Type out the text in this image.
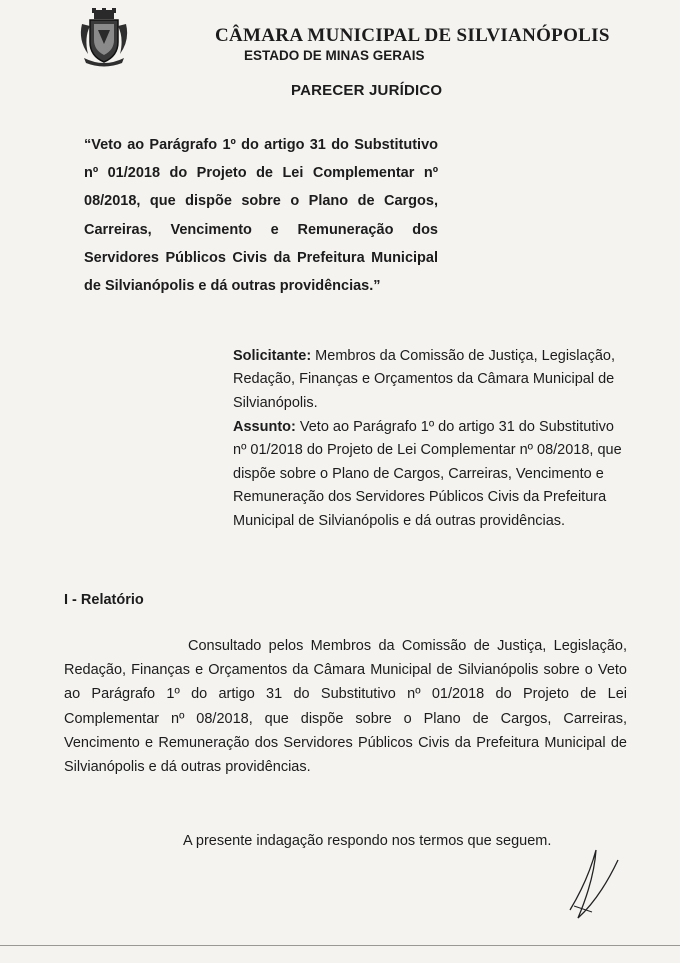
CÂMARA MUNICIPAL DE SILVIANÓPOLIS
ESTADO DE MINAS GERAIS
PARECER JURÍDICO
“Veto ao Parágrafo 1º do artigo 31 do Substitutivo
nº 01/2018 do Projeto de Lei Complementar nº
08/2018, que dispõe sobre o Plano de Cargos,
Carreiras, Vencimento e Remuneração dos
Servidores Públicos Civis da Prefeitura Municipal
de Silvianópolis e dá outras providências.”
Solicitante: Membros da Comissão de Justiça, Legislação, Redação, Finanças e Orçamentos da Câmara Municipal de Silvianópolis.
Assunto: Veto ao Parágrafo 1º do artigo 31 do Substitutivo nº 01/2018 do Projeto de Lei Complementar nº 08/2018, que dispõe sobre o Plano de Cargos, Carreiras, Vencimento e Remuneração dos Servidores Públicos Civis da Prefeitura Municipal de Silvianópolis e dá outras providências.
I - Relatório
Consultado pelos Membros da Comissão de Justiça, Legislação, Redação, Finanças e Orçamentos da Câmara Municipal de Silvianópolis sobre o Veto ao Parágrafo 1º do artigo 31 do Substitutivo nº 01/2018 do Projeto de Lei Complementar nº 08/2018, que dispõe sobre o Plano de Cargos, Carreiras, Vencimento e Remuneração dos Servidores Públicos Civis da Prefeitura Municipal de Silvianópolis e dá outras providências.
A presente indagação respondo nos termos que seguem.
